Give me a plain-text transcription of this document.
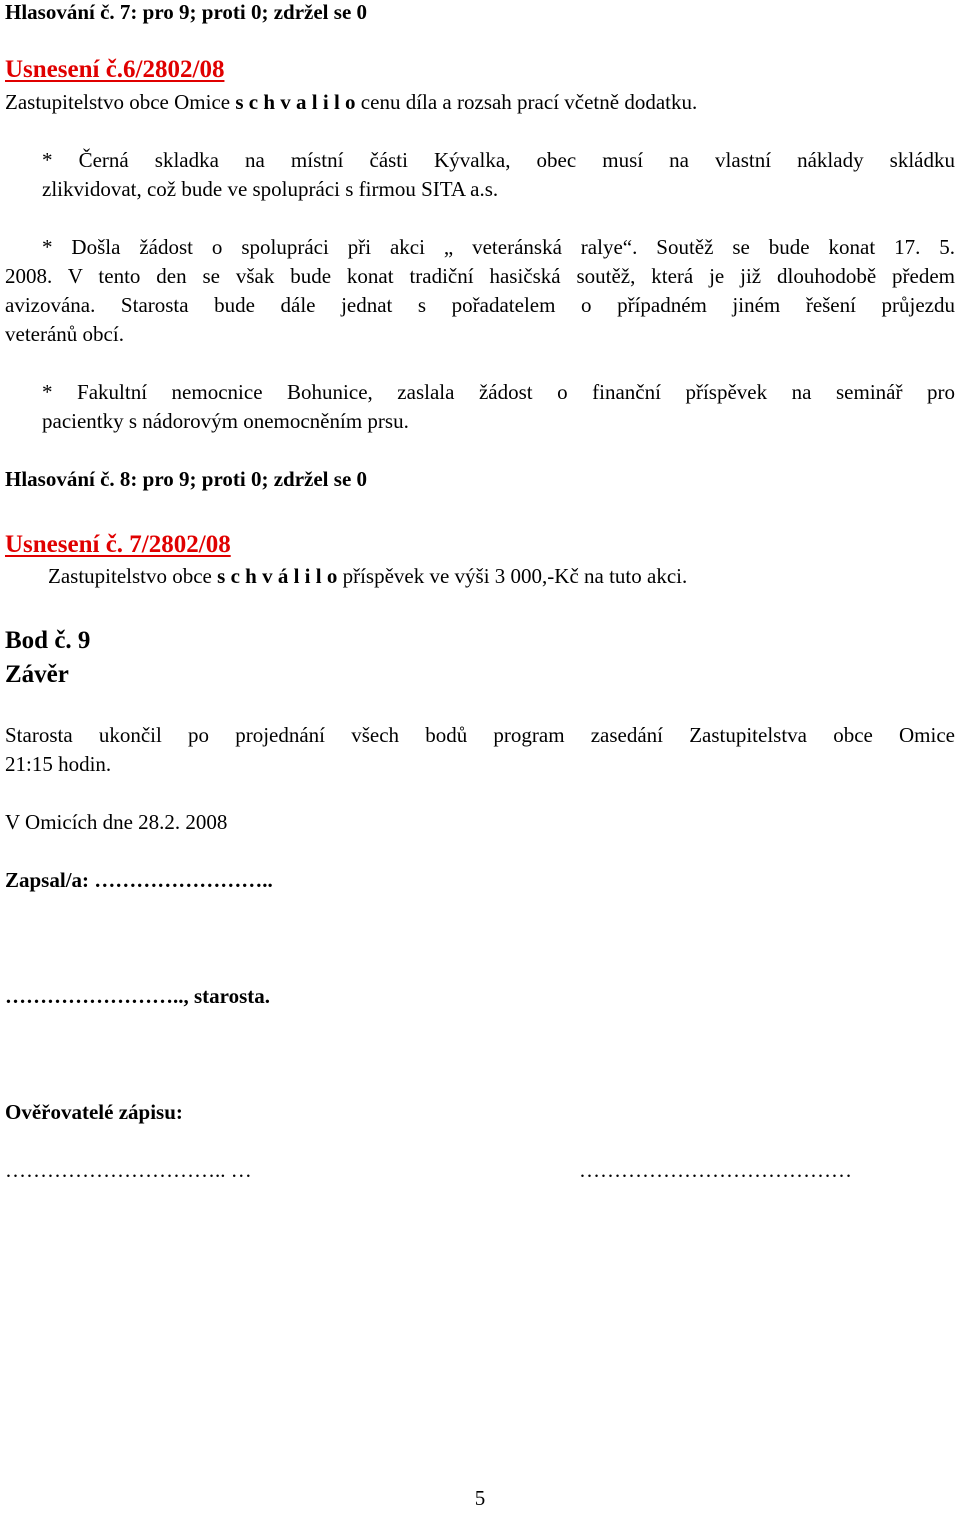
Hlasování č. 7: pro 9; proti 0; zdržel se 0
Usnesení č.6/2802/08
Zastupitelstvo obce Omice s c h v a l i l o cenu díla a rozsah prací včetně dodatku.
* Černá skladka na místní části Kývalka, obec musí na vlastní náklady skládku
zlikvidovat, což bude ve spolupráci s firmou SITA a.s.
* Došla žádost o spolupráci při akci „ veteránská ralye“. Soutěž se bude konat 17. 5.
2008. V tento den se však bude konat tradiční hasičská soutěž, která je již dlouhodobě předem
avizována. Starosta bude dále jednat s pořadatelem o případném jiném řešení průjezdu
veteránů obcí.
* Fakultní nemocnice Bohunice, zaslala žádost o finanční příspěvek na seminář pro
pacientky s nádorovým onemocněním prsu.
Hlasování č. 8: pro 9; proti 0; zdržel se 0
Usnesení č. 7/2802/08
Zastupitelstvo obce s c h v á l i l o příspěvek ve výši 3 000,-Kč na tuto akci.
Bod č. 9
Závěr
Starosta ukončil po projednání všech bodů program zasedání Zastupitelstva obce Omice
21:15 hodin.
V Omicích dne 28.2. 2008
Zapsal/a: ……………………..
…………………….., starosta.
Ověřovatelé zápisu:
………………………….. …	…………………………………
5
